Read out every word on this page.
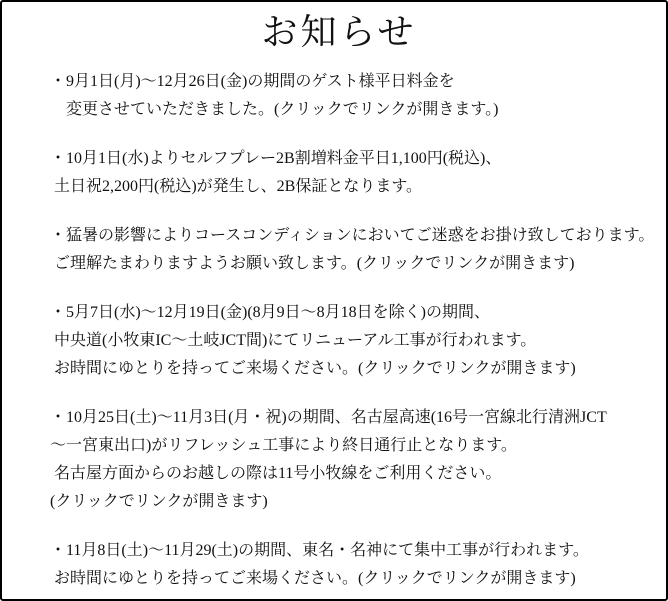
お知らせ
・9月1日(月)～12月26日(金)の期間のゲスト様平日料金を
　変更させていただきました。(クリックでリンクが開きます。)
・10月1日(水)よりセルフプレー2B割増料金平日1,100円(税込)、
土日祝2,200円(税込)が発生し、2B保証となります。
・猛暑の影響によりコースコンディションにおいてご迷惑をお掛け致しております。
ご理解たまわりますようお願い致します。(クリックでリンクが開きます)
・5月7日(水)～12月19日(金)(8月9日～8月18日を除く)の期間、
中央道(小牧東IC～土岐JCT間)にてリニューアル工事が行われます。
お時間にゆとりを持ってご来場ください。(クリックでリンクが開きます)
・10月25日(土)～11月3日(月・祝)の期間、名古屋高速(16号一宮線北行清洲JCT
～一宮東出口)がリフレッシュ工事により終日通行止となります。
名古屋方面からのお越しの際は11号小牧線をご利用ください。
(クリックでリンクが開きます)
・11月8日(土)～11月29(土)の期間、東名・名神にて集中工事が行われます。
お時間にゆとりを持ってご来場ください。(クリックでリンクが開きます)
